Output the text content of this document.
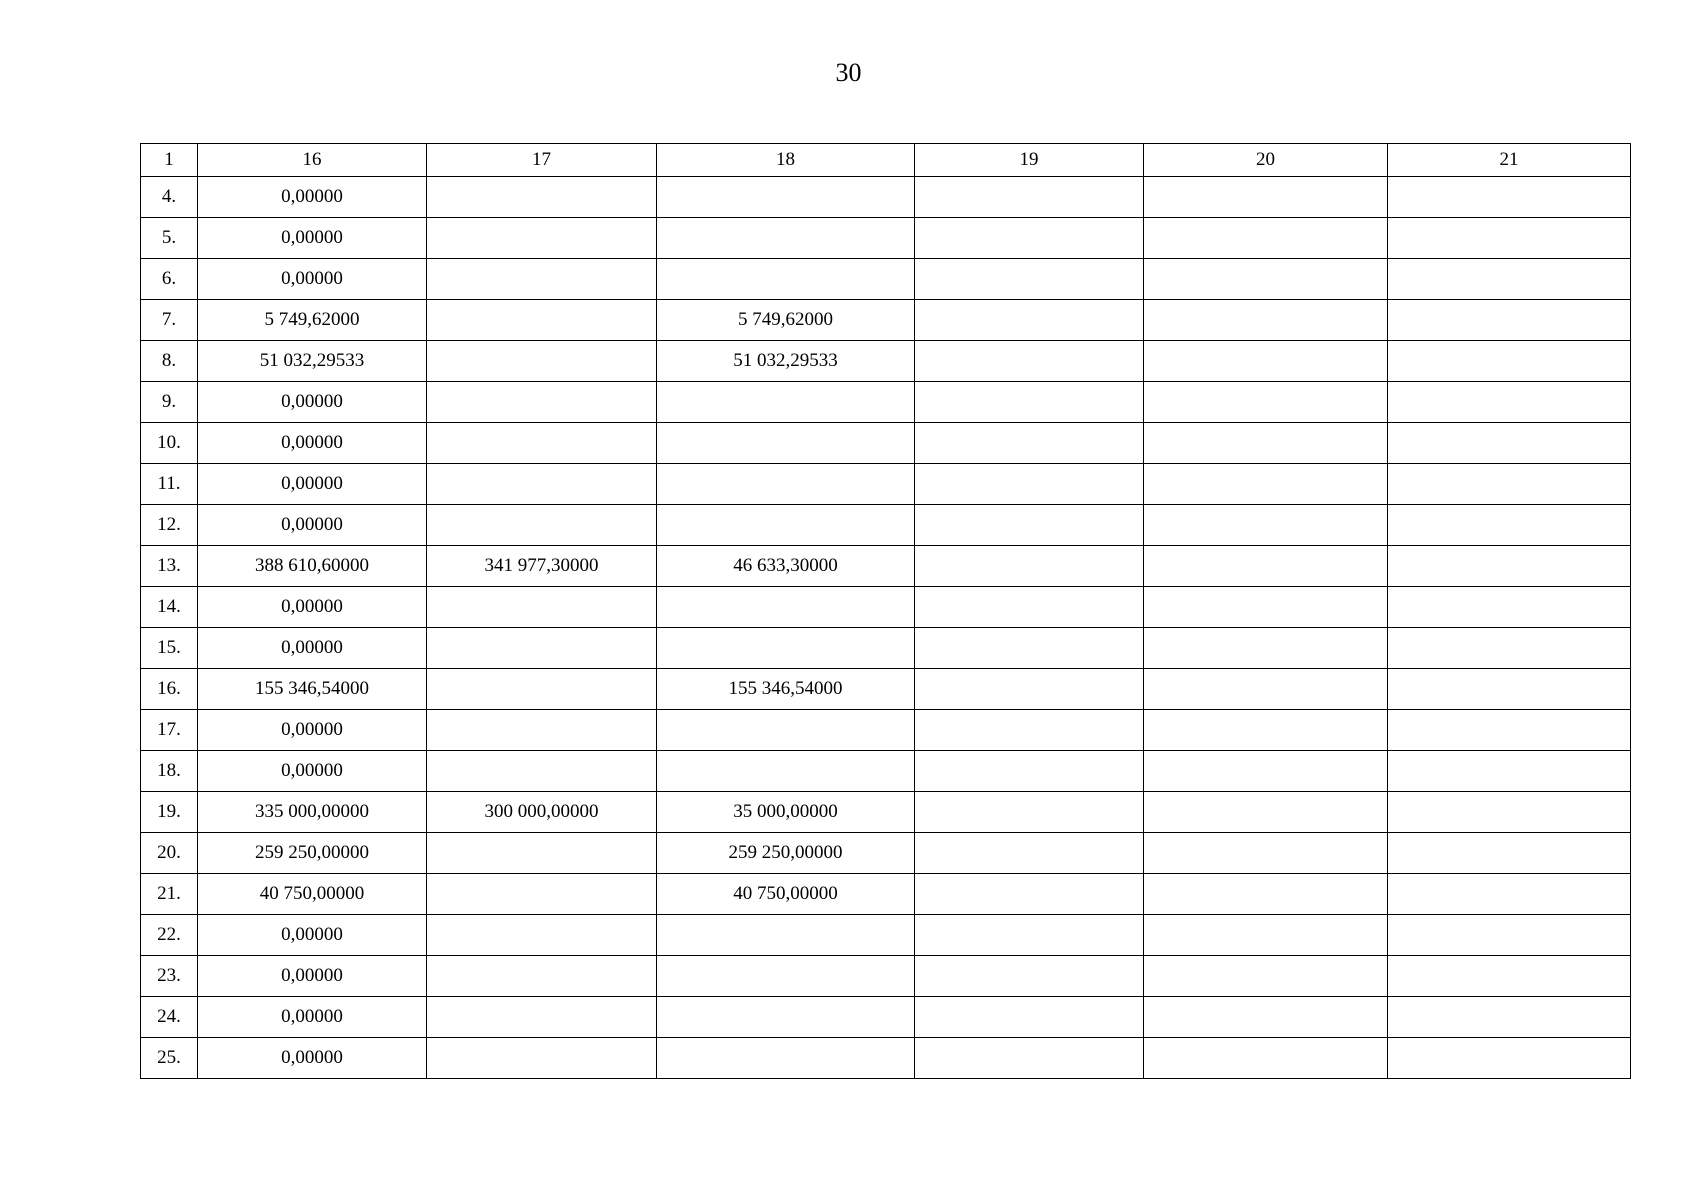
30
1	16	17	18	19	20	21
4.	0,00000					
5.	0,00000					
6.	0,00000					
7.	5 749,62000		5 749,62000			
8.	51 032,29533		51 032,29533			
9.	0,00000					
10.	0,00000					
11.	0,00000					
12.	0,00000					
13.	388 610,60000	341 977,30000	46 633,30000			
14.	0,00000					
15.	0,00000					
16.	155 346,54000		155 346,54000			
17.	0,00000					
18.	0,00000					
19.	335 000,00000	300 000,00000	35 000,00000			
20.	259 250,00000		259 250,00000			
21.	40 750,00000		40 750,00000			
22.	0,00000					
23.	0,00000					
24.	0,00000					
25.	0,00000					
